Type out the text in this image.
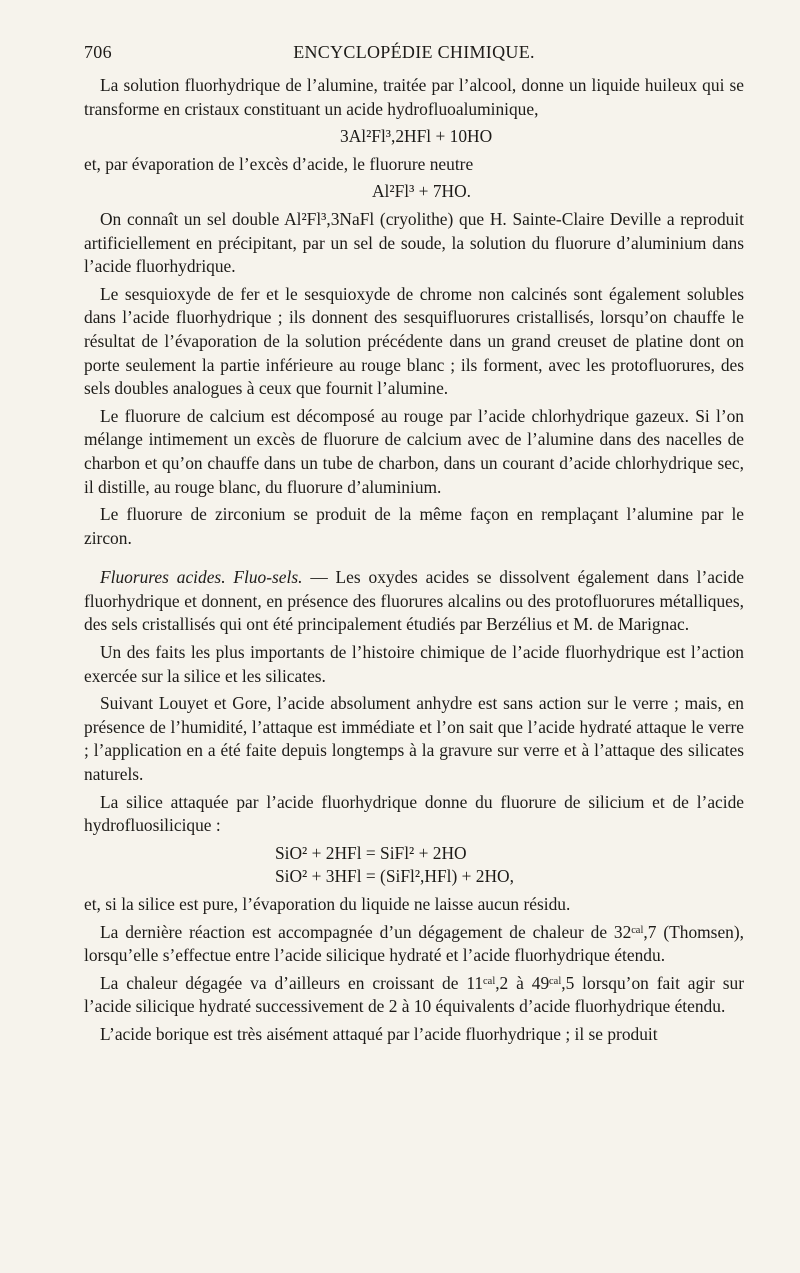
706	ENCYCLOPÉDIE CHIMIQUE.

La solution fluorhydrique de l’alumine, traitée par l’alcool, donne un liquide huileux qui se transforme en cristaux constituant un acide hydrofluoaluminique,

3Al²Fl³,2HFl + 10HO

et, par évaporation de l’excès d’acide, le fluorure neutre

Al²Fl³ + 7HO.

On connaît un sel double Al²Fl³,3NaFl (cryolithe) que H. Sainte-Claire Deville a reproduit artificiellement en précipitant, par un sel de soude, la solution du fluorure d’aluminium dans l’acide fluorhydrique.

Le sesquioxyde de fer et le sesquioxyde de chrome non calcinés sont également solubles dans l’acide fluorhydrique ; ils donnent des sesquifluorures cristallisés, lorsqu’on chauffe le résultat de l’évaporation de la solution précédente dans un grand creuset de platine dont on porte seulement la partie inférieure au rouge blanc ; ils forment, avec les protofluorures, des sels doubles analogues à ceux que fournit l’alumine.

Le fluorure de calcium est décomposé au rouge par l’acide chlorhydrique gazeux. Si l’on mélange intimement un excès de fluorure de calcium avec de l’alumine dans des nacelles de charbon et qu’on chauffe dans un tube de charbon, dans un courant d’acide chlorhydrique sec, il distille, au rouge blanc, du fluorure d’aluminium.

Le fluorure de zirconium se produit de la même façon en remplaçant l’alumine par le zircon.

Fluorures acides. Fluo-sels. — Les oxydes acides se dissolvent également dans l’acide fluorhydrique et donnent, en présence des fluorures alcalins ou des protofluorures métalliques, des sels cristallisés qui ont été principalement étudiés par Berzélius et M. de Marignac.

Un des faits les plus importants de l’histoire chimique de l’acide fluorhydrique est l’action exercée sur la silice et les silicates.

Suivant Louyet et Gore, l’acide absolument anhydre est sans action sur le verre ; mais, en présence de l’humidité, l’attaque est immédiate et l’on sait que l’acide hydraté attaque le verre ; l’application en a été faite depuis longtemps à la gravure sur verre et à l’attaque des silicates naturels.

La silice attaquée par l’acide fluorhydrique donne du fluorure de silicium et de l’acide hydrofluosilicique :

SiO² + 2HFl = SiFl² + 2HO

SiO² + 3HFl = (SiFl²,HFl) + 2HO,

et, si la silice est pure, l’évaporation du liquide ne laisse aucun résidu.

La dernière réaction est accompagnée d’un dégagement de chaleur de 32ᶜᵃˡ,7 (Thomsen), lorsqu’elle s’effectue entre l’acide silicique hydraté et l’acide fluorhydrique étendu.

La chaleur dégagée va d’ailleurs en croissant de 11ᶜᵃˡ,2 à 49ᶜᵃˡ,5 lorsqu’on fait agir sur l’acide silicique hydraté successivement de 2 à 10 équivalents d’acide fluorhydrique étendu.

L’acide borique est très aisément attaqué par l’acide fluorhydrique ; il se produit
